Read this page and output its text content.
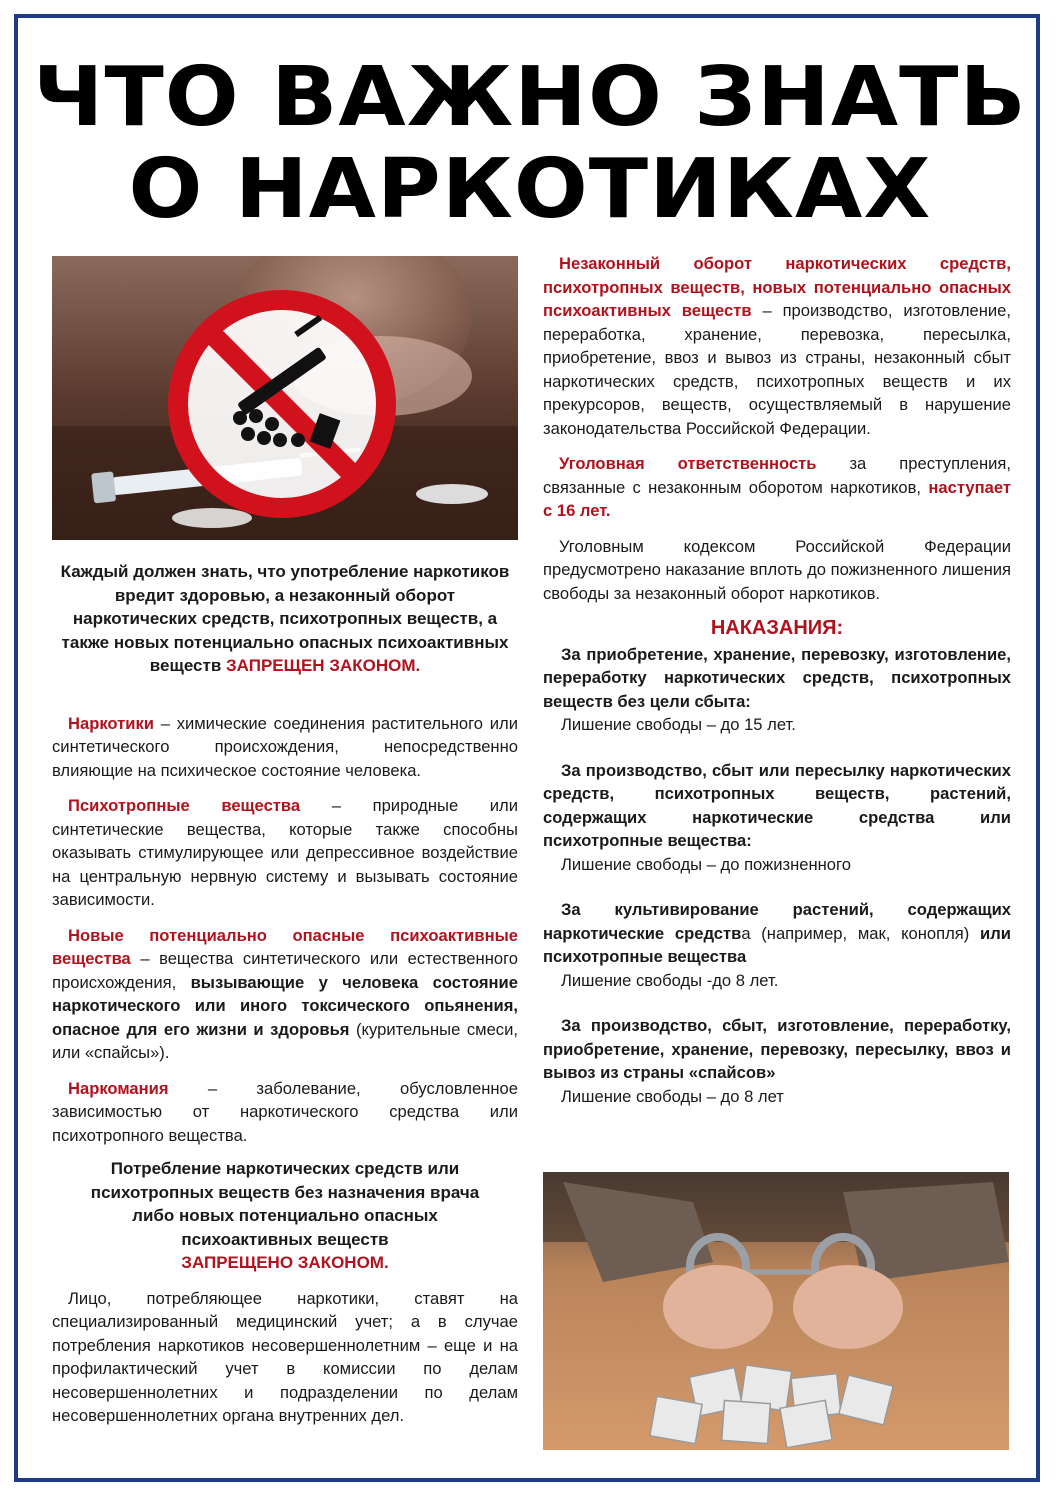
ЧТО ВАЖНО ЗНАТЬ
О НАРКОТИКАХ

Каждый должен знать, что употребление наркотиков вредит здоровью, а незаконный оборот наркотических средств, психотропных веществ, а также новых потенциально опасных психоактивных веществ ЗАПРЕЩЕН ЗАКОНОМ.

Наркотики – химические соединения растительного или синтетического происхождения, непосредственно влияющие на психическое состояние человека.

Психотропные вещества – природные или синтетические вещества, которые также способны оказывать стимулирующее или депрессивное воздействие на центральную нервную систему и вызывать состояние зависимости.

Новые потенциально опасные психоактивные вещества – вещества синтетического или естественного происхождения, вызывающие у человека состояние наркотического или иного токсического опьянения, опасное для его жизни и здоровья (курительные смеси, или «спайсы»).

Наркомания – заболевание, обусловленное зависимостью от наркотического средства или психотропного вещества.

Потребление наркотических средств или психотропных веществ без назначения врача либо новых потенциально опасных психоактивных веществ
ЗАПРЕЩЕНО ЗАКОНОМ.

Лицо, потребляющее наркотики, ставят на специализированный медицинский учет; а в случае потребления наркотиков несовершеннолетним – еще и на профилактический учет в комиссии по делам несовершеннолетних и подразделении по делам несовершеннолетних органа внутренних дел.

Незаконный оборот наркотических средств, психотропных веществ, новых потенциально опасных психоактивных веществ – производство, изготовление, переработка, хранение, перевозка, пересылка, приобретение, ввоз и вывоз из страны, незаконный сбыт наркотических средств, психотропных веществ и их прекурсоров, веществ, осуществляемый в нарушение законодательства Российской Федерации.

Уголовная ответственность за преступления, связанные с незаконным оборотом наркотиков, наступает с 16 лет.

Уголовным кодексом Российской Федерации предусмотрено наказание вплоть до пожизненного лишения свободы за незаконный оборот наркотиков.

НАКАЗАНИЯ:

За приобретение, хранение, перевозку, изготовление, переработку наркотических средств, психотропных веществ без цели сбыта:

Лишение свободы – до 15 лет.

За производство, сбыт или пересылку наркотических средств, психотропных веществ, растений, содержащих наркотические средства или психотропные вещества:

Лишение свободы – до пожизненного

За культивирование растений, содержащих наркотические средства (например, мак, конопля) или психотропные вещества

Лишение свободы -до 8 лет.

За производство, сбыт, изготовление, переработку, приобретение, хранение, перевозку, пересылку, ввоз и вывоз из страны «спайсов»

Лишение свободы – до 8 лет
